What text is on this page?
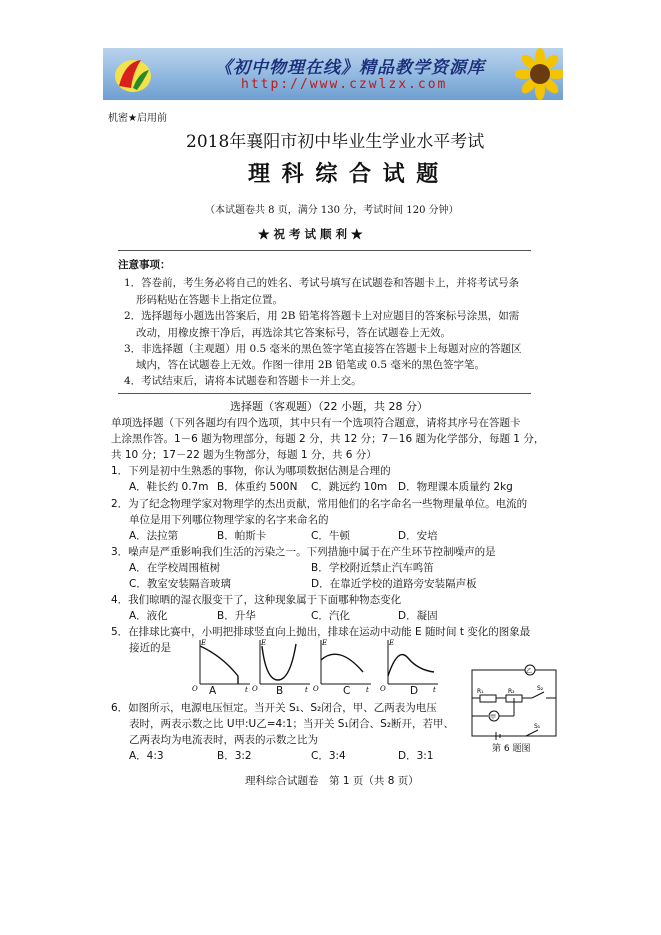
《初中物理在线》精品教学资源库
http://www.czwlzx.com
机密★启用前
2018年襄阳市初中毕业生学业水平考试
理 科 综 合 试 题
（本试题卷共 8 页，满分 130 分，考试时间 120 分钟）
★ 祝 考 试 顺 利 ★
注意事项：
1．答卷前，考生务必将自己的姓名、考试号填写在试题卷和答题卡上，并将考试号条
形码粘贴在答题卡上指定位置。
2．选择题每小题选出答案后，用 2B 铅笔将答题卡上对应题目的答案标号涂黑，如需
改动，用橡皮擦干净后，再选涂其它答案标号，答在试题卷上无效。
3．非选择题（主观题）用 0.5 毫米的黑色签字笔直接答在答题卡上每题对应的答题区
域内，答在试题卷上无效。作图一律用 2B 铅笔或 0.5 毫米的黑色签字笔。
4．考试结束后，请将本试题卷和答题卡一并上交。
选择题（客观题）（22 小题，共 28 分）
单项选择题（下列各题均有四个选项，其中只有一个选项符合题意，请将其序号在答题卡
上涂黑作答。1－6 题为物理部分，每题 2 分，共 12 分；7－16 题为化学部分，每题 1 分，
共 10 分；17－22 题为生物部分，每题 1 分，共 6 分）
1．下列是初中生熟悉的事物，你认为哪项数据估测是合理的
A．鞋长约 0.7m B．体重约 500N C．跳远约 10m D．物理课本质量约 2kg
2．为了纪念物理学家对物理学的杰出贡献，常用他们的名字命名一些物理量单位。电流的
单位是用下列哪位物理学家的名字来命名的
A．法拉第	B．帕斯卡	C．牛顿	D．安培
3．噪声是严重影响我们生活的污染之一。下列措施中属于在产生环节控制噪声的是
A．在学校周围植树	B．学校附近禁止汽车鸣笛
C．教室安装隔音玻璃	D．在靠近学校的道路旁安装隔声板
4．我们晾晒的湿衣服变干了，这种现象属于下面哪种物态变化
A．液化	B．升华	C．汽化	D．凝固
5．在排球比赛中，小明把排球竖直向上抛出，排球在运动中动能 E 随时间 t 变化的图象最
接近的是	E
t
O
E
t
O
E
t
O
E
t
O
A	B	C	D
6．如图所示，电源电压恒定。当开关 S₁、S₂闭合，甲、乙两表为电压
表时，两表示数之比 U甲:U乙=4:1；当开关 S₁闭合、S₂断开，若甲、
乙两表均为电流表时，两表的示数之比为
A．4:3	B．3:2	C．3:4	D．3:1
R₁	R₂	S₂
S₁
乙
甲
第 6 题图
理科综合试题卷　第 1 页（共 8 页）
